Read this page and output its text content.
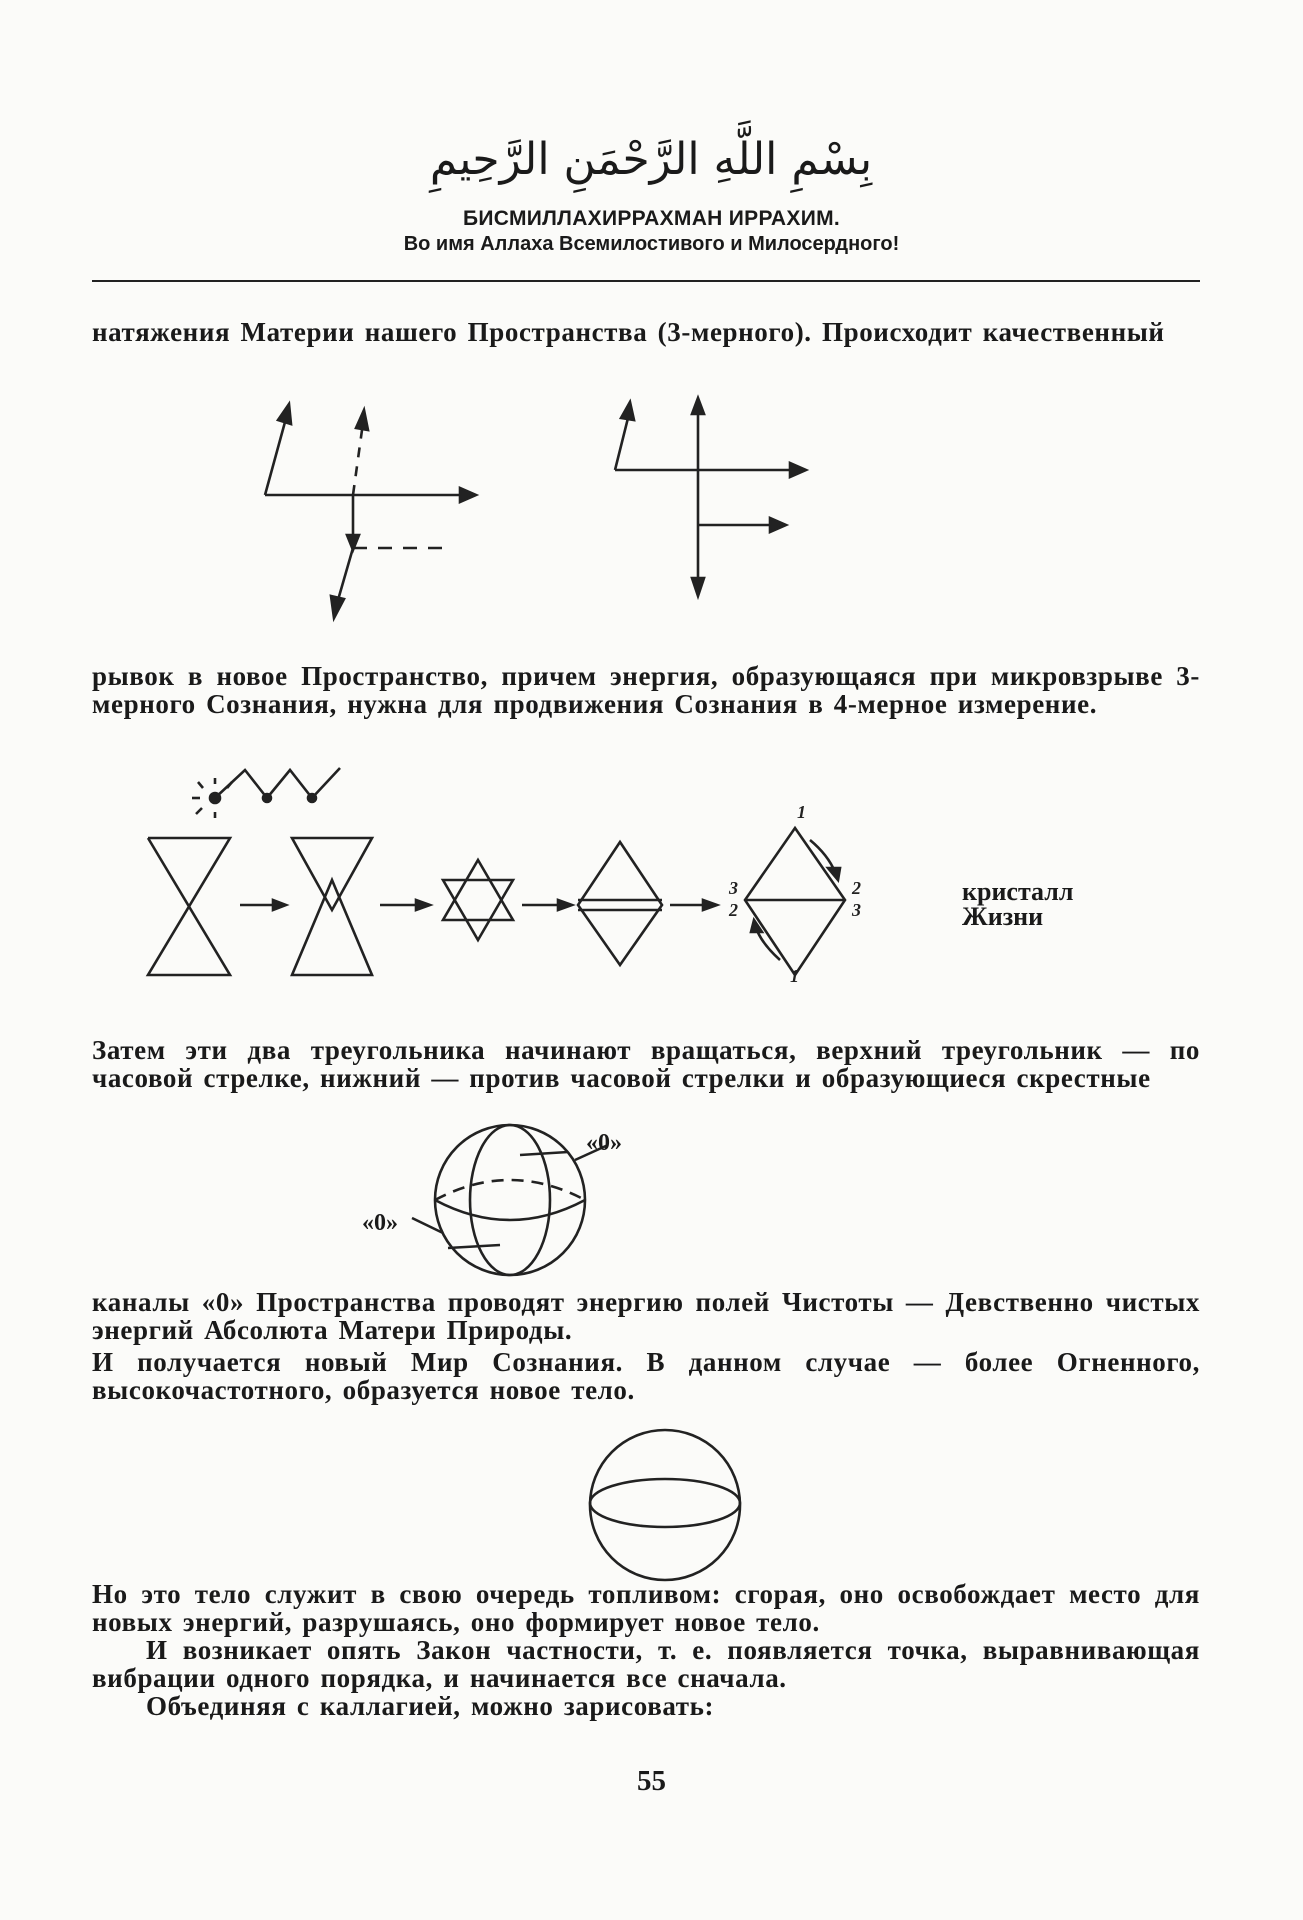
بِسْمِ اللَّهِ الرَّحْمَنِ الرَّحِيمِ
БИСМИЛЛАХИРРАХМАН ИРРАХИМ.
Во имя Аллаха Всемилостивого и Милосердного!
натяжения Материи нашего Пространства (3-мерного). Происходит качественный
рывок в новое Пространство, причем энергия, образующаяся при микровзрыве 3-мерного Сознания, нужна для продвижения Сознания в 4-мерное измерение.
1
1
3
2
2
3
кристалл
Жизни
Затем эти два треугольника начинают вращаться, верхний треугольник — по часовой стрелке, нижний — против часовой стрелки и образующиеся скрестные
«0»
«0»
каналы «0» Пространства проводят энергию полей Чистоты — Девственно чистых энергий Абсолюта Матери Природы.
И получается новый Мир Сознания. В данном случае — более Огненного, высокочастотного, образуется новое тело.
Но это тело служит в свою очередь топливом: сгорая, оно освобождает место для новых энергий, разрушаясь, оно формирует новое тело.
И возникает опять Закон частности, т. е. появляется точка, выравнивающая вибрации одного порядка, и начинается все сначала.
Объединяя с каллагией, можно зарисовать:
55
